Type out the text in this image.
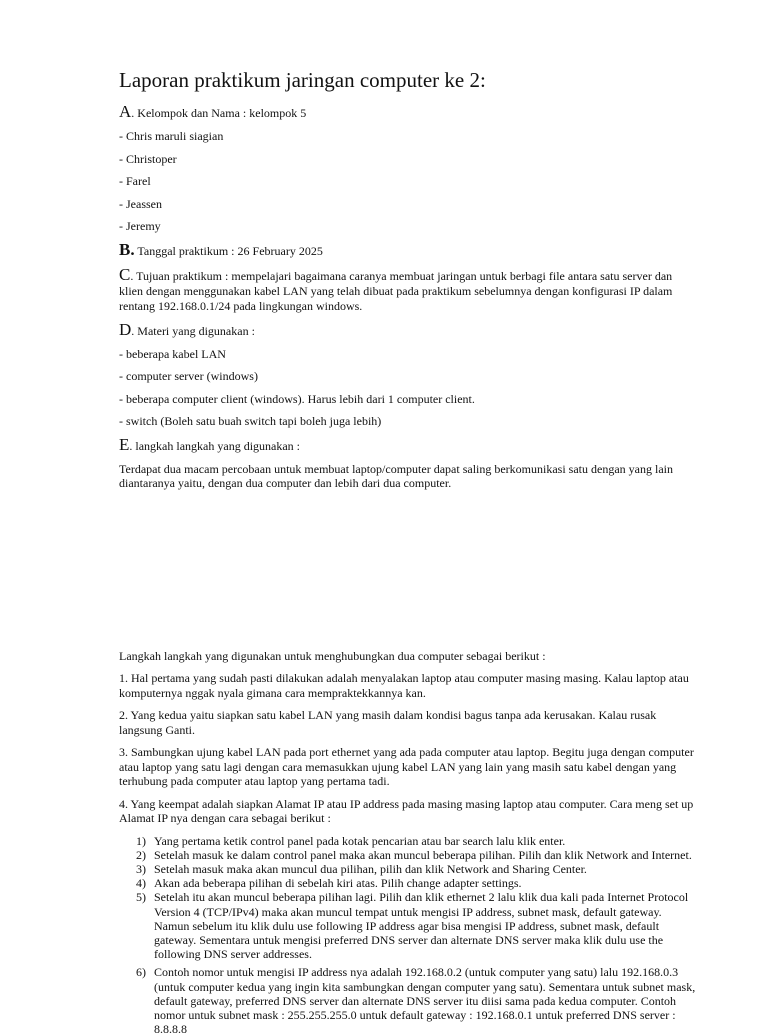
Laporan praktikum jaringan computer ke 2:
A. Kelompok dan Nama : kelompok 5
- Chris maruli siagian
- Christoper
- Farel
- Jeassen
- Jeremy
B. Tanggal praktikum : 26 February 2025
C. Tujuan praktikum : mempelajari bagaimana caranya membuat jaringan untuk berbagi file antara satu server dan klien dengan menggunakan kabel LAN yang telah dibuat pada praktikum sebelumnya dengan konfigurasi IP dalam rentang 192.168.0.1/24 pada lingkungan windows.
D. Materi yang digunakan :
- beberapa kabel LAN
- computer server (windows)
- beberapa computer client (windows). Harus lebih dari 1 computer client.
- switch (Boleh satu buah switch tapi boleh juga lebih)
E. langkah langkah yang digunakan :
Terdapat dua macam percobaan untuk membuat laptop/computer dapat saling berkomunikasi satu dengan yang lain diantaranya yaitu, dengan dua computer dan lebih dari dua computer.
Langkah langkah yang digunakan untuk menghubungkan dua computer sebagai berikut :
1. Hal pertama yang sudah pasti dilakukan adalah menyalakan laptop atau computer masing masing. Kalau laptop atau komputernya nggak nyala gimana cara mempraktekkannya kan.
2. Yang kedua yaitu siapkan satu kabel LAN yang masih dalam kondisi bagus tanpa ada kerusakan. Kalau rusak langsung Ganti.
3. Sambungkan ujung kabel LAN pada port ethernet yang ada pada computer atau laptop. Begitu juga dengan computer atau laptop yang satu lagi dengan cara memasukkan ujung kabel LAN yang lain yang masih satu kabel dengan yang terhubung pada computer atau laptop yang pertama tadi.
4. Yang keempat adalah siapkan Alamat IP atau IP address pada masing masing laptop atau computer. Cara meng set up Alamat IP nya dengan cara sebagai berikut :
1) Yang pertama ketik control panel pada kotak pencarian atau bar search lalu klik enter.
2) Setelah masuk ke dalam control panel maka akan muncul beberapa pilihan. Pilih dan klik Network and Internet.
3) Setelah masuk maka akan muncul dua pilihan, pilih dan klik Network and Sharing Center.
4) Akan ada beberapa pilihan di sebelah kiri atas. Pilih change adapter settings.
5) Setelah itu akan muncul beberapa pilihan lagi. Pilih dan klik ethernet 2 lalu klik dua kali pada Internet Protocol Version 4 (TCP/IPv4) maka akan muncul tempat untuk mengisi IP address, subnet mask, default gateway. Namun sebelum itu klik dulu use following IP address agar bisa mengisi IP address, subnet mask, default gateway. Sementara untuk mengisi preferred DNS server dan alternate DNS server maka klik dulu use the following DNS server addresses.
6) Contoh nomor untuk mengisi IP address nya adalah 192.168.0.2 (untuk computer yang satu) lalu 192.168.0.3 (untuk computer kedua yang ingin kita sambungkan dengan computer yang satu). Sementara untuk subnet mask, default gateway, preferred DNS server dan alternate DNS server itu diisi sama pada kedua computer. Contoh nomor untuk subnet mask : 255.255.255.0 untuk default gateway : 192.168.0.1 untuk preferred DNS server : 8.8.8.8
